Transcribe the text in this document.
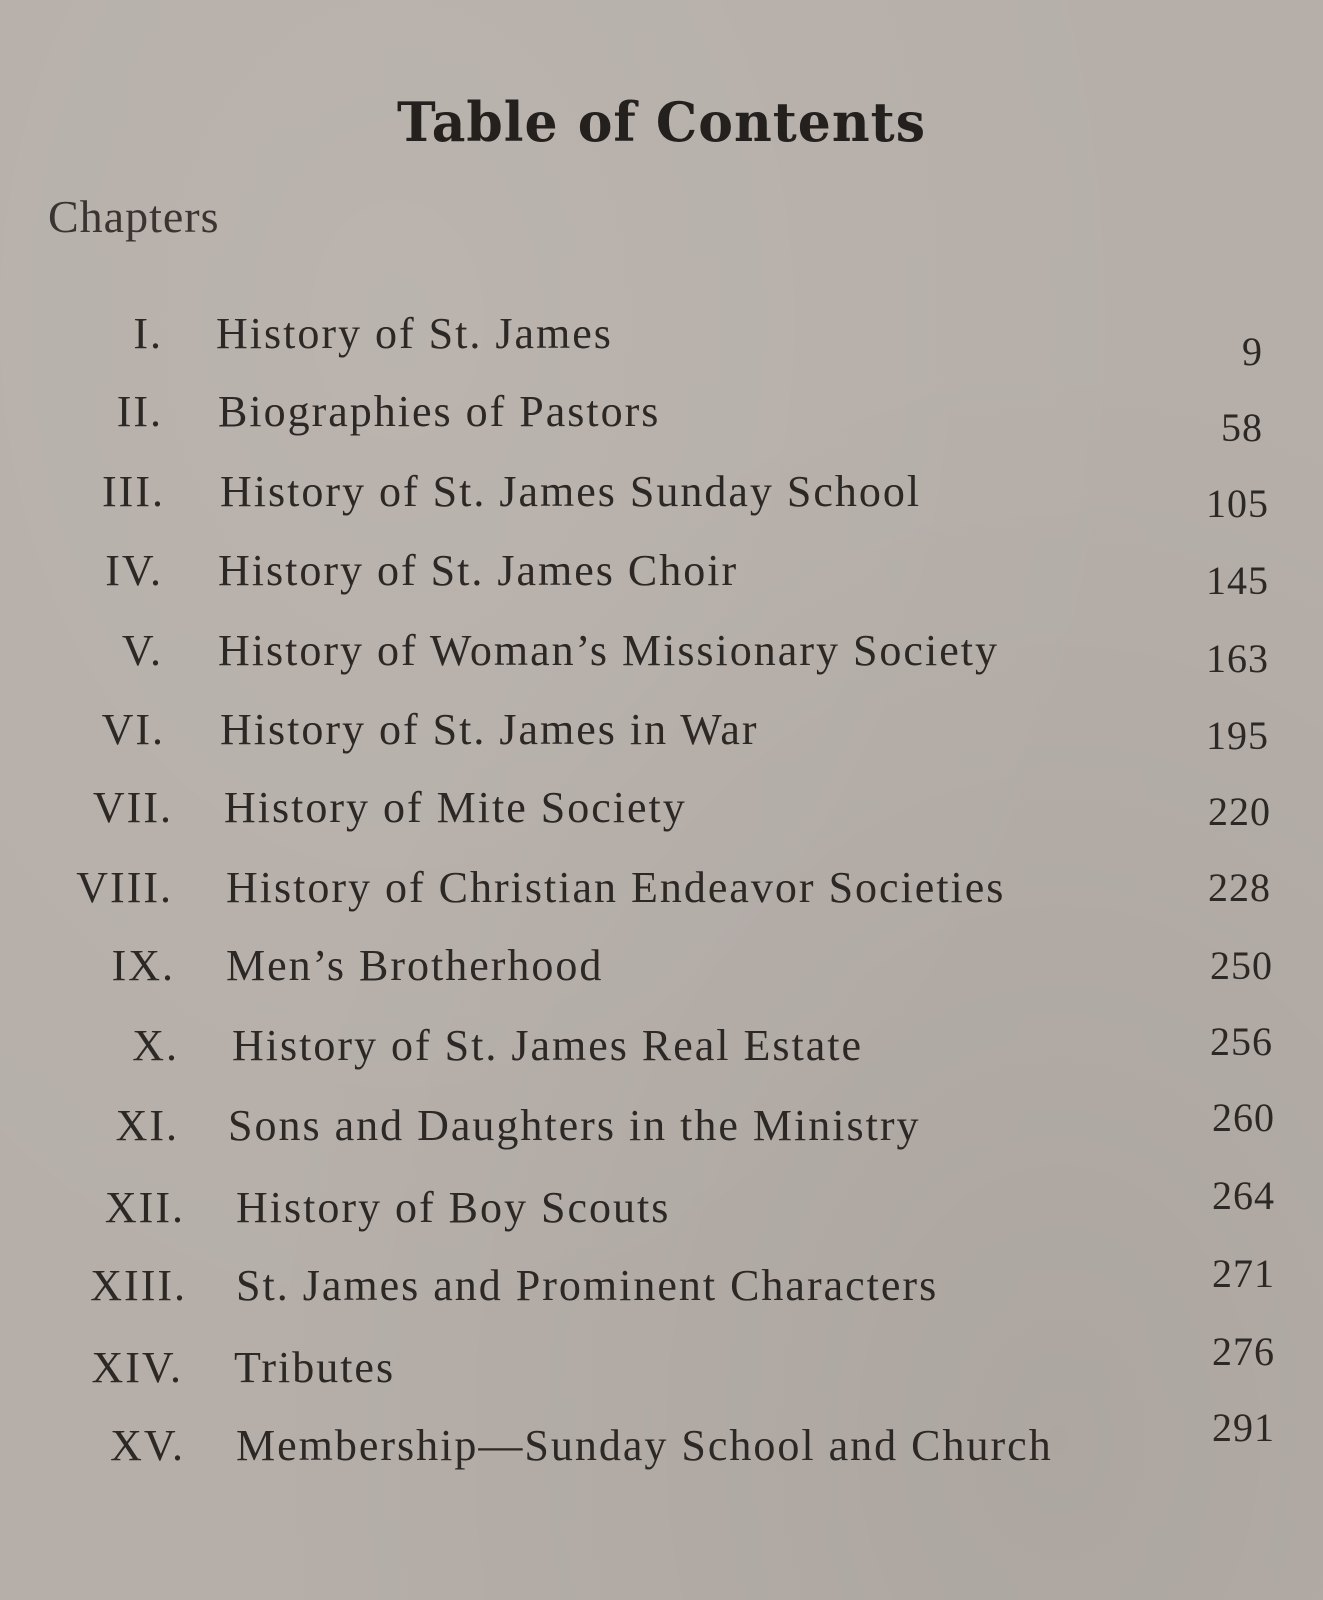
Table of Contents
Chapters
I. History of St. James	9
II. Biographies of Pastors	58
III. History of St. James Sunday School	105
IV. History of St. James Choir	145
V. History of Woman’s Missionary Society	163
VI. History of St. James in War	195
VII. History of Mite Society	220
VIII. History of Christian Endeavor Societies	228
IX. Men’s Brotherhood	250
X. History of St. James Real Estate	256
XI. Sons and Daughters in the Ministry	260
XII. History of Boy Scouts	264
XIII. St. James and Prominent Characters	271
XIV. Tributes	276
XV. Membership—Sunday School and Church	291
